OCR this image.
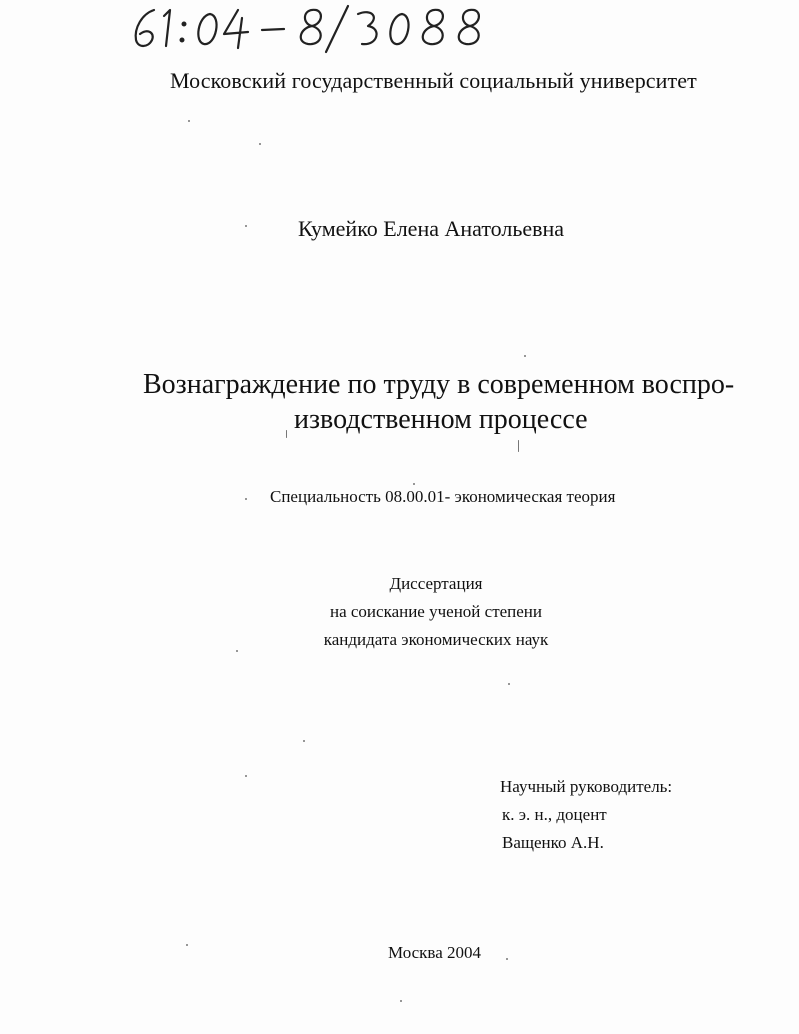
Московский государственный социальный университет
Кумейко Елена Анатольевна
Вознаграждение по труду в современном воспро-
изводственном процессе
Специальность 08.00.01- экономическая теория
Диссертация
на соискание ученой степени
кандидата экономических наук
Научный руководитель:
к. э. н., доцент
Ващенко А.Н.
Москва 2004
